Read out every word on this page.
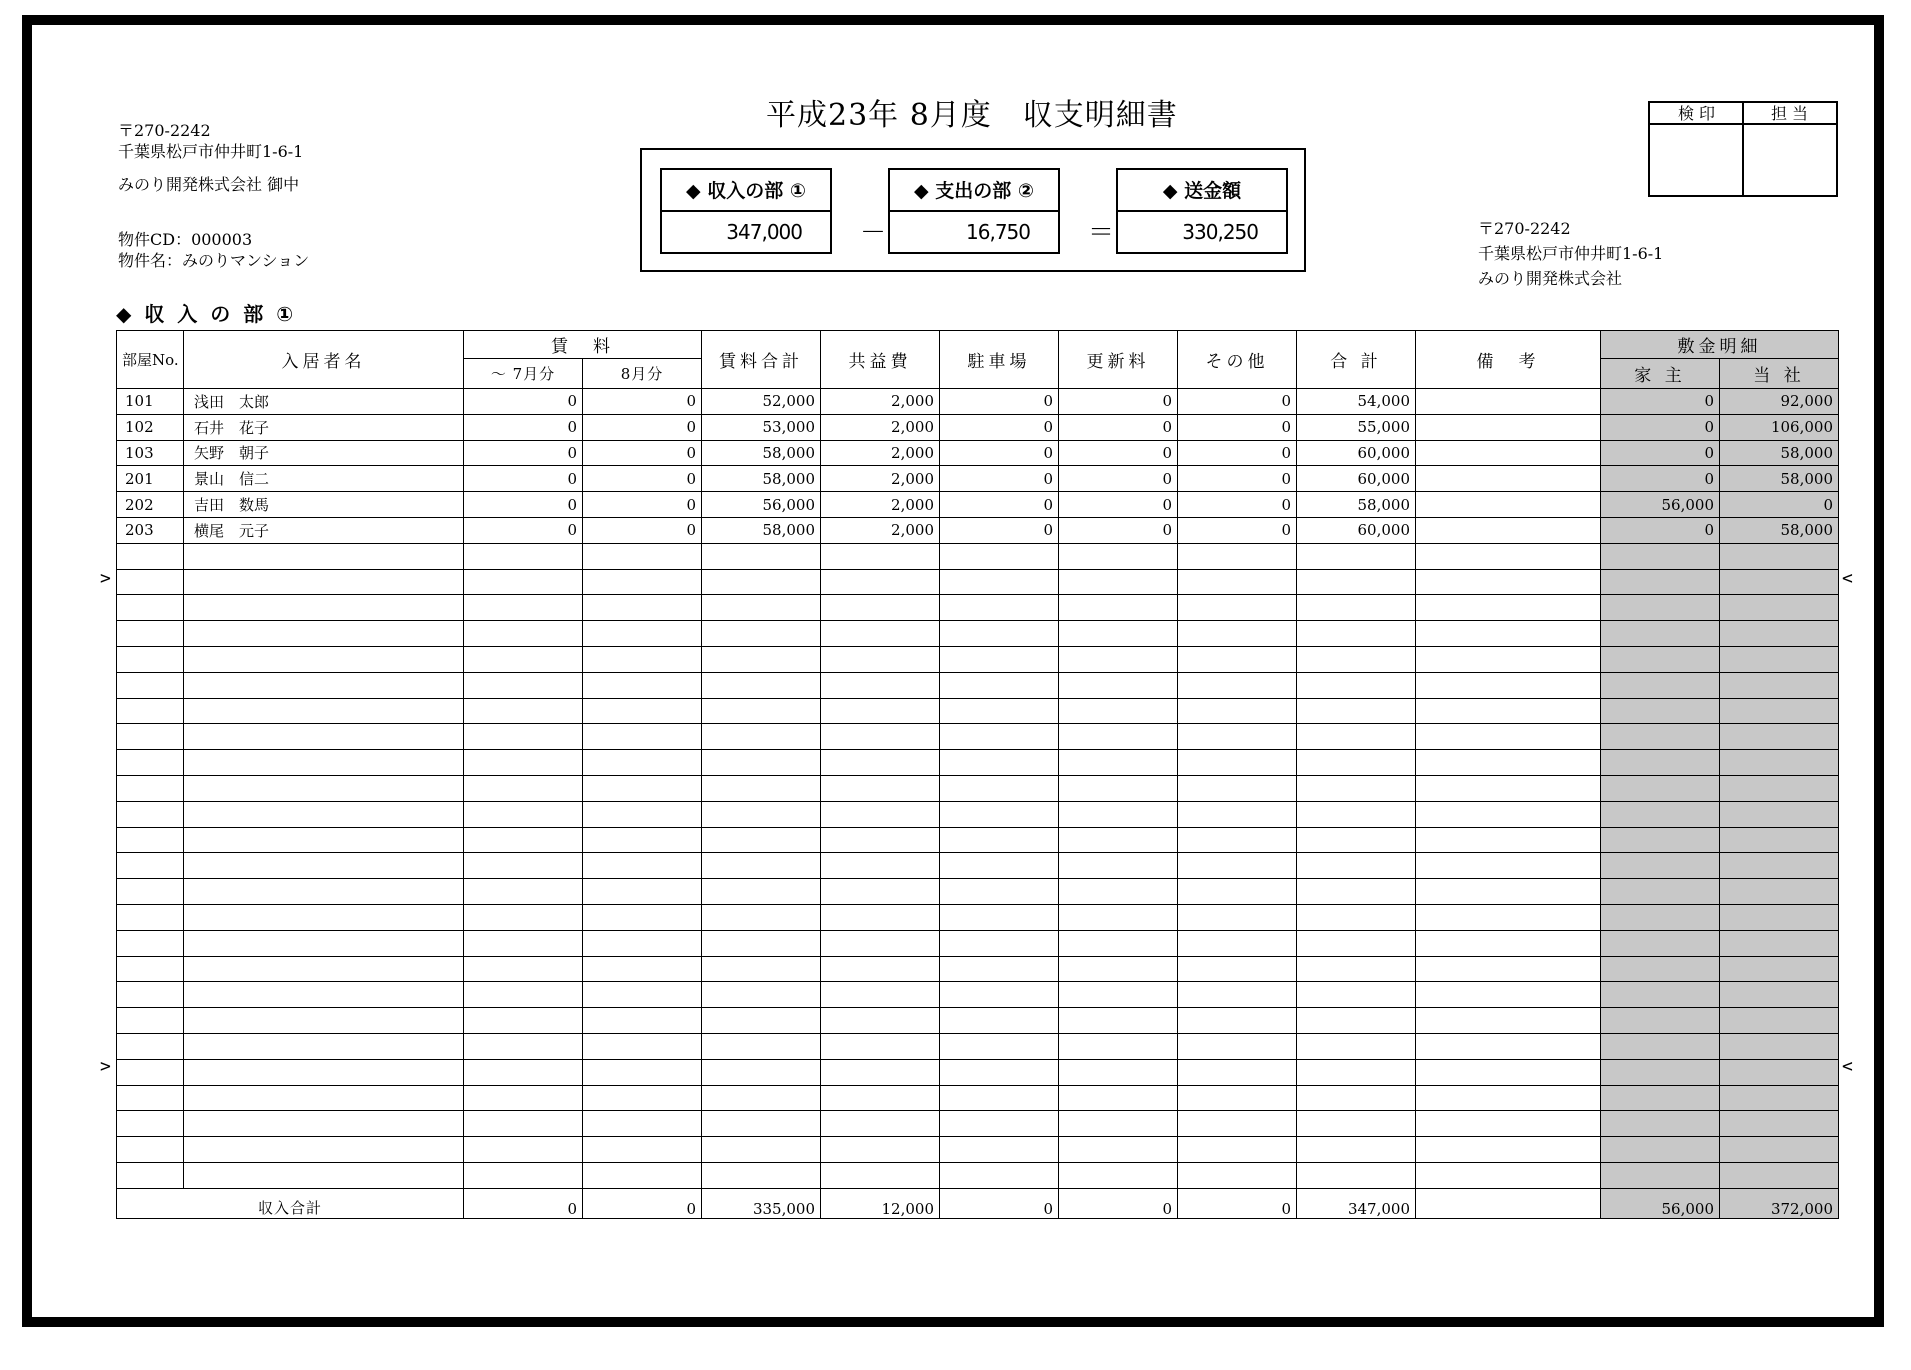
平成23年 8月度　収支明細書
〒270-2242
千葉県松戸市仲井町1-6-1
みのり開発株式会社 御中
物件CD：000003
物件名：みのりマンション
〒270-2242
千葉県松戸市仲井町1-6-1
みのり開発株式会社
検 印	担 当
◆ 収入の部 ①
347,000 －
◆ 支出の部 ②
16,750 ＝
◆ 送金額
330,250
◆ 収 入 の 部 ①
>	<
>	<
部屋No.	入居者名	賃　料		賃料合計	共益費	駐車場	更新料	その他	合 計	備　考	敷金明細	
		～ 7月分	8月分								家 主	当 社
101	浅田　太郎	0	0	52,000	2,000	0	0	0	54,000		0	92,000
102	石井　花子	0	0	53,000	2,000	0	0	0	55,000		0	106,000
103	矢野　朝子	0	0	58,000	2,000	0	0	0	60,000		0	58,000
201	景山　信二	0	0	58,000	2,000	0	0	0	60,000		0	58,000
202	吉田　数馬	0	0	56,000	2,000	0	0	0	58,000		56,000	0
203	横尾　元子	0	0	58,000	2,000	0	0	0	60,000		0	58,000

収入合計		0	0	335,000	12,000	0	0	0	347,000		56,000	372,000
